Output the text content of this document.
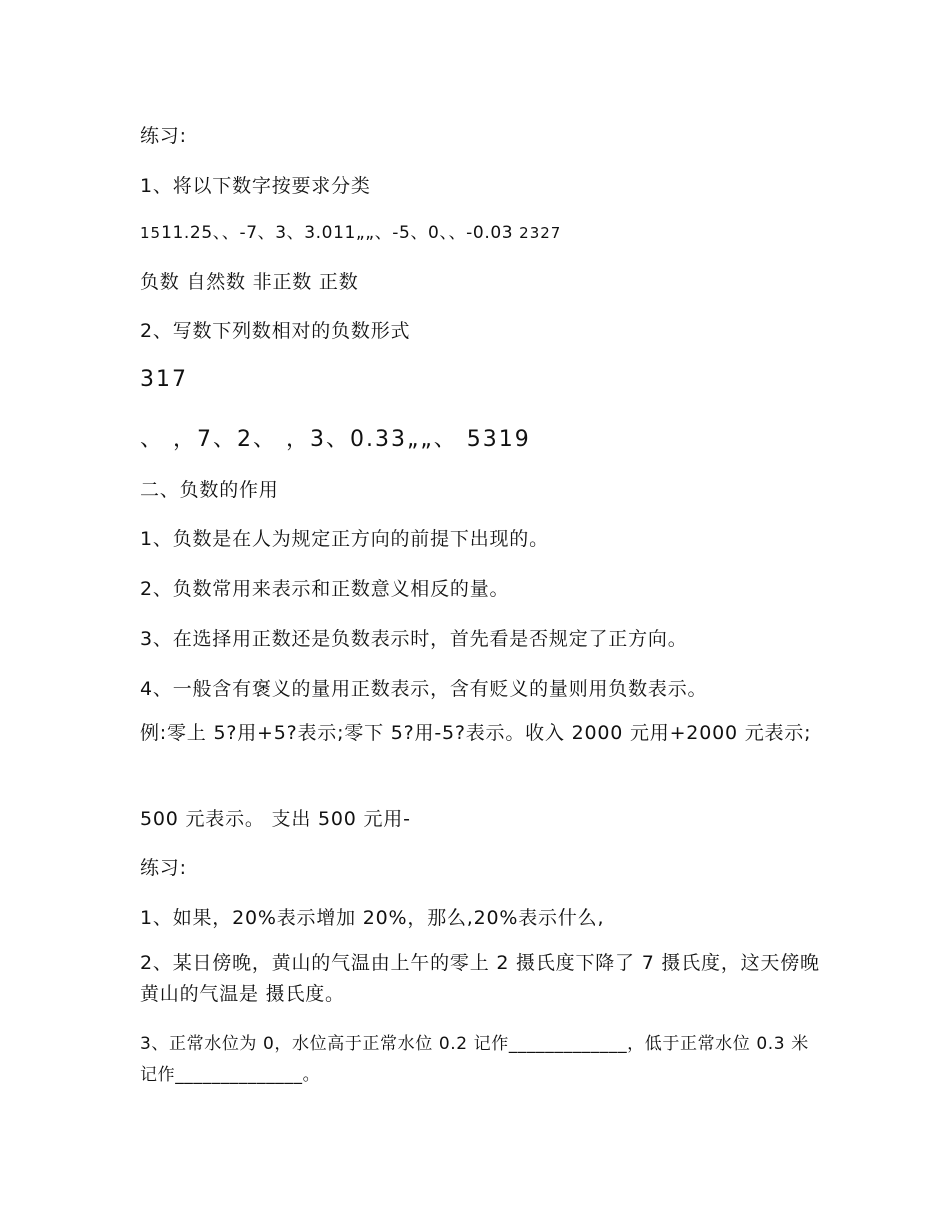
练习:
1、将以下数字按要求分类
1511.25、、-7、3、3.011„„、-5、0、、-0.03 2327
负数 自然数 非正数 正数
2、写数下列数相对的负数形式
317
、 ，7、2、 ，3、0.33„„、 5319
二、负数的作用
1、负数是在人为规定正方向的前提下出现的。
2、负数常用来表示和正数意义相反的量。
3、在选择用正数还是负数表示时，首先看是否规定了正方向。
4、一般含有褒义的量用正数表示，含有贬义的量则用负数表示。
例:零上 5?用+5?表示;零下 5?用-5?表示。收入 2000 元用+2000 元表示;
500 元表示。 支出 500 元用-
练习:
1、如果，20%表示增加 20%，那么,20%表示什么,
2、某日傍晚，黄山的气温由上午的零上 2 摄氏度下降了 7 摄氏度，这天傍晚黄山的气温是 摄氏度。
3、正常水位为 0，水位高于正常水位 0.2 记作_____________，低于正常水位 0.3 米记作______________。
